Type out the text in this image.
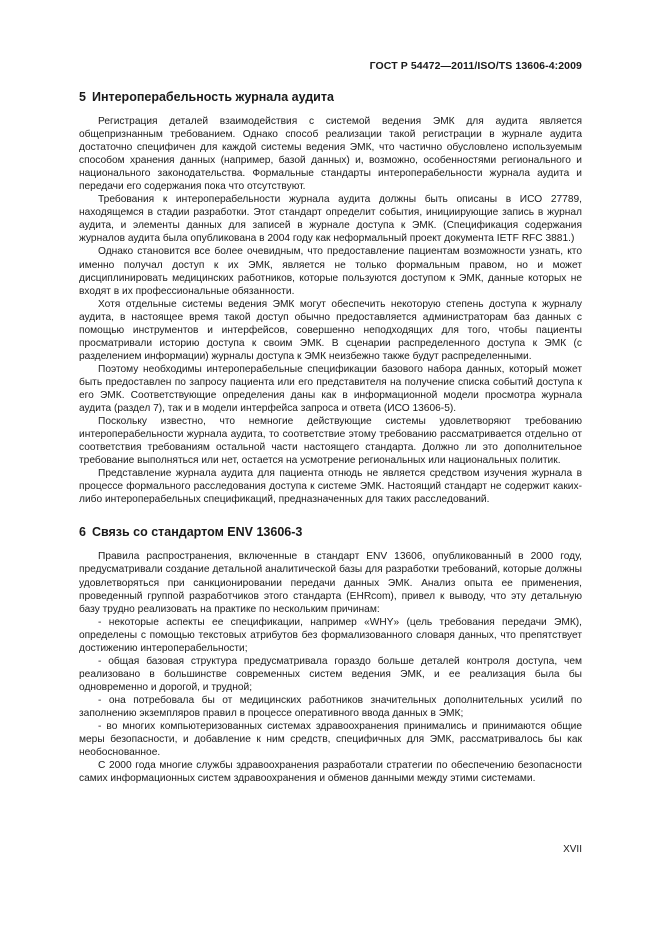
ГОСТ Р 54472—2011/ISO/TS 13606-4:2009
5 Интероперабельность журнала аудита

Регистрация деталей взаимодействия с системой ведения ЭМК для аудита является общепризнанным требованием. Однако способ реализации такой регистрации в журнале аудита достаточно специфичен для каждой системы ведения ЭМК, что частично обусловлено используемым способом хранения данных (например, базой данных) и, возможно, особенностями регионального и национального законодательства. Формальные стандарты интероперабельности журнала аудита и передачи его содержания пока что отсутствуют.

Требования к интероперабельности журнала аудита должны быть описаны в ИСО 27789, находящемся в стадии разработки. Этот стандарт определит события, инициирующие запись в журнал аудита, и элементы данных для записей в журнале доступа к ЭМК. (Спецификация содержания журналов аудита была опубликована в 2004 году как неформальный проект документа IETF RFC 3881.)

Однако становится все более очевидным, что предоставление пациентам возможности узнать, кто именно получал доступ к их ЭМК, является не только формальным правом, но и может дисциплинировать медицинских работников, которые пользуются доступом к ЭМК, данные которых не входят в их профессиональные обязанности.

Хотя отдельные системы ведения ЭМК могут обеспечить некоторую степень доступа к журналу аудита, в настоящее время такой доступ обычно предоставляется администраторам баз данных с помощью инструментов и интерфейсов, совершенно неподходящих для того, чтобы пациенты просматривали историю доступа к своим ЭМК. В сценарии распределенного доступа к ЭМК (с разделением информации) журналы доступа к ЭМК неизбежно также будут распределенными.

Поэтому необходимы интероперабельные спецификации базового набора данных, который может быть предоставлен по запросу пациента или его представителя на получение списка событий доступа к его ЭМК. Соответствующие определения даны как в информационной модели просмотра журнала аудита (раздел 7), так и в модели интерфейса запроса и ответа (ИСО 13606-5).

Поскольку известно, что немногие действующие системы удовлетворяют требованию интероперабельности журнала аудита, то соответствие этому требованию рассматривается отдельно от соответствия требованиям остальной части настоящего стандарта. Должно ли это дополнительное требование выполняться или нет, остается на усмотрение региональных или национальных политик.

Представление журнала аудита для пациента отнюдь не является средством изучения журнала в процессе формального расследования доступа к системе ЭМК. Настоящий стандарт не содержит каких-либо интероперабельных спецификаций, предназначенных для таких расследований.

6 Связь со стандартом ENV 13606-3

Правила распространения, включенные в стандарт ENV 13606, опубликованный в 2000 году, предусматривали создание детальной аналитической базы для разработки требований, которые должны удовлетворяться при санкционировании передачи данных ЭМК. Анализ опыта ее применения, проведенный группой разработчиков этого стандарта (EHRcom), привел к выводу, что эту детальную базу трудно реализовать на практике по нескольким причинам:

- некоторые аспекты ее спецификации, например «WHY» (цель требования передачи ЭМК), определены с помощью текстовых атрибутов без формализованного словаря данных, что препятствует достижению интероперабельности;

- общая базовая структура предусматривала гораздо больше деталей контроля доступа, чем реализовано в большинстве современных систем ведения ЭМК, и ее реализация была бы одновременно и дорогой, и трудной;

- она потребовала бы от медицинских работников значительных дополнительных усилий по заполнению экземпляров правил в процессе оперативного ввода данных в ЭМК;

- во многих компьютеризованных системах здравоохранения принимались и принимаются общие меры безопасности, и добавление к ним средств, специфичных для ЭМК, рассматривалось бы как необоснованное.

С 2000 года многие службы здравоохранения разработали стратегии по обеспечению безопасности самих информационных систем здравоохранения и обменов данными между этими системами.

XVII
